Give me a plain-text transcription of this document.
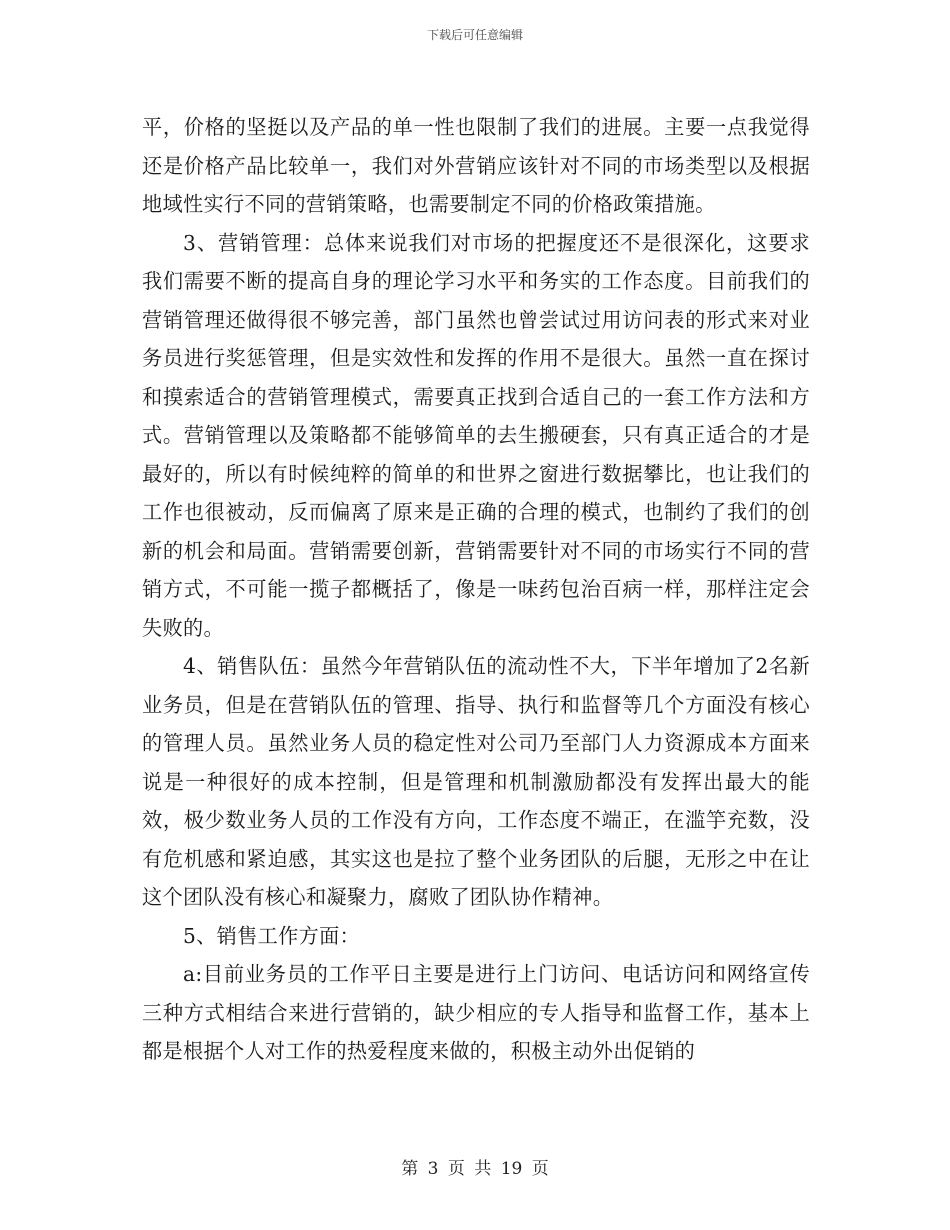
下载后可任意编辑

平，价格的坚挺以及产品的单一性也限制了我们的进展。主要一点我觉得还是价格产品比较单一，我们对外营销应该针对不同的市场类型以及根据地域性实行不同的营销策略，也需要制定不同的价格政策措施。

3、营销管理：总体来说我们对市场的把握度还不是很深化，这要求我们需要不断的提高自身的理论学习水平和务实的工作态度。目前我们的营销管理还做得很不够完善，部门虽然也曾尝试过用访问表的形式来对业务员进行奖惩管理，但是实效性和发挥的作用不是很大。虽然一直在探讨和摸索适合的营销管理模式，需要真正找到合适自己的一套工作方法和方式。营销管理以及策略都不能够简单的去生搬硬套，只有真正适合的才是最好的，所以有时候纯粹的简单的和世界之窗进行数据攀比，也让我们的工作也很被动，反而偏离了原来是正确的合理的模式，也制约了我们的创新的机会和局面。营销需要创新，营销需要针对不同的市场实行不同的营销方式，不可能一揽子都概括了，像是一味药包治百病一样，那样注定会失败的。

4、销售队伍：虽然今年营销队伍的流动性不大，下半年增加了2名新业务员，但是在营销队伍的管理、指导、执行和监督等几个方面没有核心的管理人员。虽然业务人员的稳定性对公司乃至部门人力资源成本方面来说是一种很好的成本控制，但是管理和机制激励都没有发挥出最大的能效，极少数业务人员的工作没有方向，工作态度不端正，在滥竽充数，没有危机感和紧迫感，其实这也是拉了整个业务团队的后腿，无形之中在让这个团队没有核心和凝聚力，腐败了团队协作精神。

5、销售工作方面：

a:目前业务员的工作平日主要是进行上门访问、电话访问和网络宣传三种方式相结合来进行营销的，缺少相应的专人指导和监督工作，基本上都是根据个人对工作的热爱程度来做的，积极主动外出促销的

第 3 页 共 19 页
